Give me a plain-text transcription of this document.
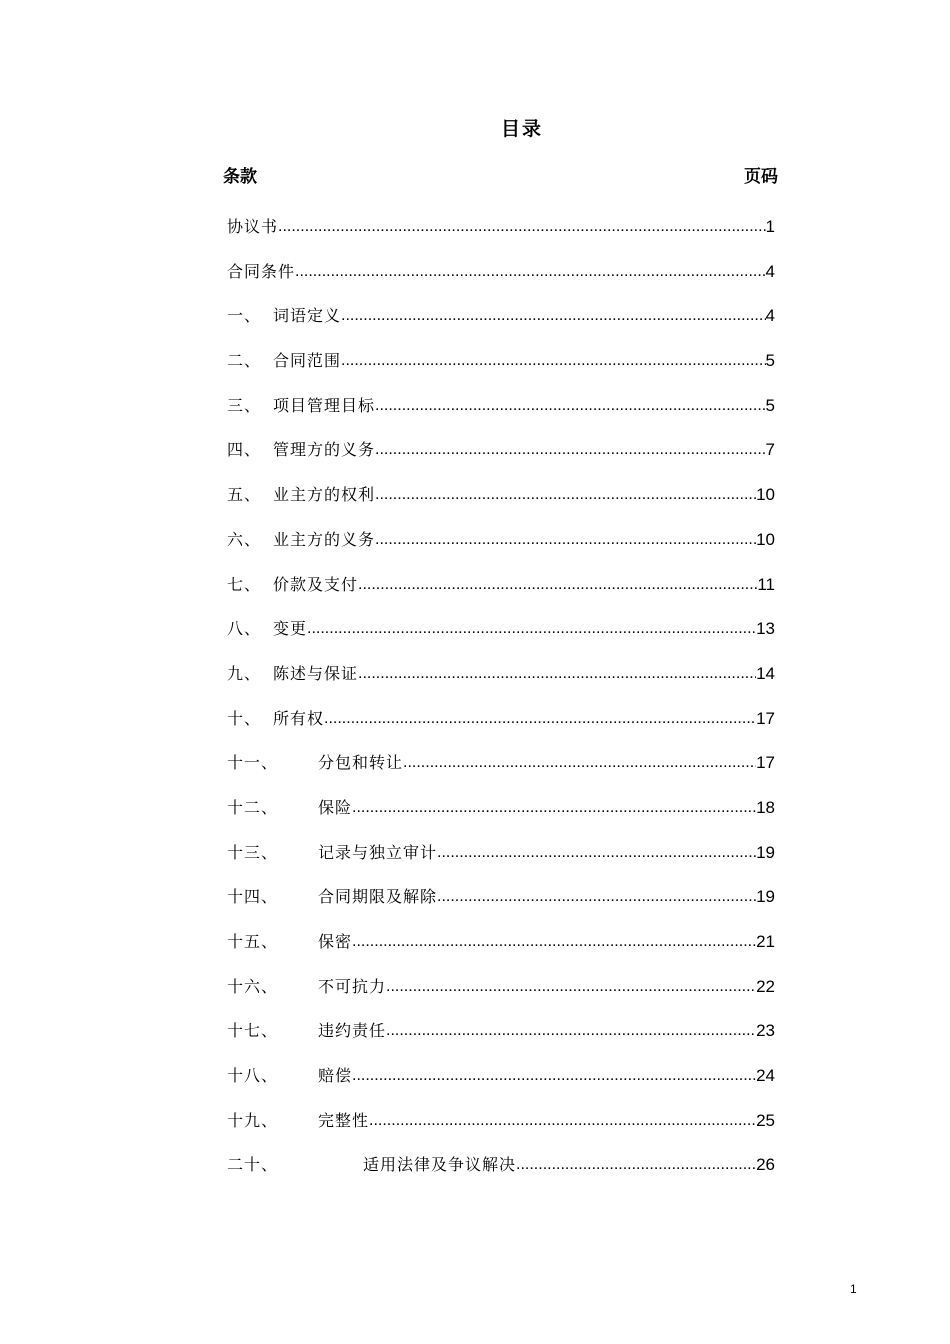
目录
条款	页码
协议书 .....	1
合同条件 .....	4
一、 词语定义 .....	4
二、 合同范围 .....	5
三、 项目管理目标 .....	5
四、 管理方的义务 .....	7
五、 业主方的权利 .....	10
六、 业主方的义务 .....	10
七、 价款及支付 .....	11
八、 变更 .....	13
九、 陈述与保证 .....	14
十、 所有权 .....	17
十一、	分包和转让 .....	17
十二、	保险 .....	18
十三、	记录与独立审计 .....	19
十四、	合同期限及解除 .....	19
十五、	保密 .....	21
十六、	不可抗力 .....	22
十七、	违约责任 .....	23
十八、	赔偿 .....	24
十九、	完整性 .....	25
二十、	适用法律及争议解决 .....	26
1
